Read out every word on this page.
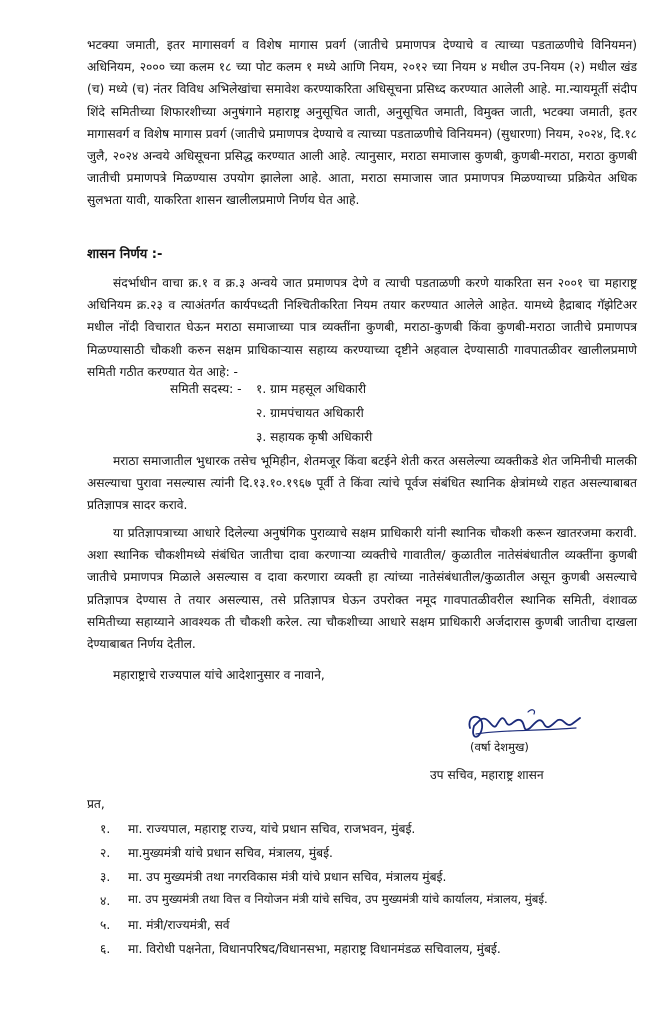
भटक्या जमाती, इतर मागासवर्ग व विशेष मागास प्रवर्ग (जातीचे प्रमाणपत्र देण्याचे व त्याच्या पडताळणीचे विनियमन) अधिनियम, २००० च्या कलम १८ च्या पोट कलम १ मध्ये आणि नियम, २०१२ च्या नियम ४ मधील उप-नियम (२) मधील खंड (च) मध्ये (च) नंतर विविध अभिलेखांचा समावेश करण्याकरिता अधिसूचना प्रसिध्द करण्यात आलेली आहे. मा.न्यायमूर्ती संदीप शिंदे समितीच्या शिफारशीच्या अनुषंगाने महाराष्ट्र अनुसूचित जाती, अनुसूचित जमाती, विमुक्त जाती, भटक्या जमाती, इतर मागासवर्ग व विशेष मागास प्रवर्ग (जातीचे प्रमाणपत्र देण्याचे व त्याच्या पडताळणीचे विनियमन) (सुधारणा) नियम, २०२४, दि.१८ जुलै, २०२४ अन्वये अधिसूचना प्रसिद्ध करण्यात आली आहे. त्यानुसार, मराठा समाजास कुणबी, कुणबी-मराठा, मराठा कुणबी जातीची प्रमाणपत्रे मिळण्यास उपयोग झालेला आहे. आता, मराठा समाजास जात प्रमाणपत्र मिळण्याच्या प्रक्रियेत अधिक सुलभता यावी, याकरिता शासन खालीलप्रमाणे निर्णय घेत आहे.

शासन निर्णय :-

संदर्भाधीन वाचा क्र.१ व क्र.३ अन्वये जात प्रमाणपत्र देणे व त्याची पडताळणी करणे याकरिता सन २००१ चा महाराष्ट्र अधिनियम क्र.२३ व त्याअंतर्गत कार्यपध्दती निश्चितीकरिता नियम तयार करण्यात आलेले आहेत. यामध्ये हैद्राबाद गॅझेटिअर मधील नोंदी विचारात घेऊन मराठा समाजाच्या पात्र व्यक्तींना कुणबी, मराठा-कुणबी किंवा कुणबी-मराठा जातीचे प्रमाणपत्र मिळण्यासाठी चौकशी करुन सक्षम प्राधिकाऱ्यास सहाय्य करण्याच्या दृष्टीने अहवाल देण्यासाठी गावपातळीवर खालीलप्रमाणे समिती गठीत करण्यात येत आहे: -

समिती सदस्य: - १. ग्राम महसूल अधिकारी
२. ग्रामपंचायत अधिकारी
३. सहायक कृषी अधिकारी

मराठा समाजातील भुधारक तसेच भूमिहीन, शेतमजूर किंवा बटईने शेती करत असलेल्या व्यक्तीकडे शेत जमिनीची मालकी असल्याचा पुरावा नसल्यास त्यांनी दि.१३.१०.१९६७ पूर्वी ते किंवा त्यांचे पूर्वज संबंधित स्थानिक क्षेत्रांमध्ये राहत असल्याबाबत प्रतिज्ञापत्र सादर करावे.

या प्रतिज्ञापत्राच्या आधारे दिलेल्या अनुषंगिक पुराव्याचे सक्षम प्राधिकारी यांनी स्थानिक चौकशी करून खातरजमा करावी. अशा स्थानिक चौकशीमध्ये संबंधित जातीचा दावा करणाऱ्या व्यक्तीचे गावातील/ कुळातील नातेसंबंधातील व्यक्तींना कुणबी जातीचे प्रमाणपत्र मिळाले असल्यास व दावा करणारा व्यक्ती हा त्यांच्या नातेसंबंधातील/कुळातील असून कुणबी असल्याचे प्रतिज्ञापत्र देण्यास ते तयार असल्यास, तसे प्रतिज्ञापत्र घेऊन उपरोक्त नमूद गावपातळीवरील स्थानिक समिती, वंशावळ समितीच्या सहाय्याने आवश्यक ती चौकशी करेल. त्या चौकशीच्या आधारे सक्षम प्राधिकारी अर्जदारास कुणबी जातीचा दाखला देण्याबाबत निर्णय देतील.

महाराष्ट्राचे राज्यपाल यांचे आदेशानुसार व नावाने,
(वर्षा देशमुख)
उप सचिव, महाराष्ट्र शासन
प्रत,
१. मा. राज्यपाल, महाराष्ट्र राज्य, यांचे प्रधान सचिव, राजभवन, मुंबई.
२. मा.मुख्यमंत्री यांचे प्रधान सचिव, मंत्रालय, मुंबई.
३. मा. उप मुख्यमंत्री तथा नगरविकास मंत्री यांचे प्रधान सचिव, मंत्रालय मुंबई.
४. मा. उप मुख्यमंत्री तथा वित्त व नियोजन मंत्री यांचे सचिव, उप मुख्यमंत्री यांचे कार्यालय, मंत्रालय, मुंबई.
५. मा. मंत्री/राज्यमंत्री, सर्व
६. मा. विरोधी पक्षनेता, विधानपरिषद/विधानसभा, महाराष्ट्र विधानमंडळ सचिवालय, मुंबई.
